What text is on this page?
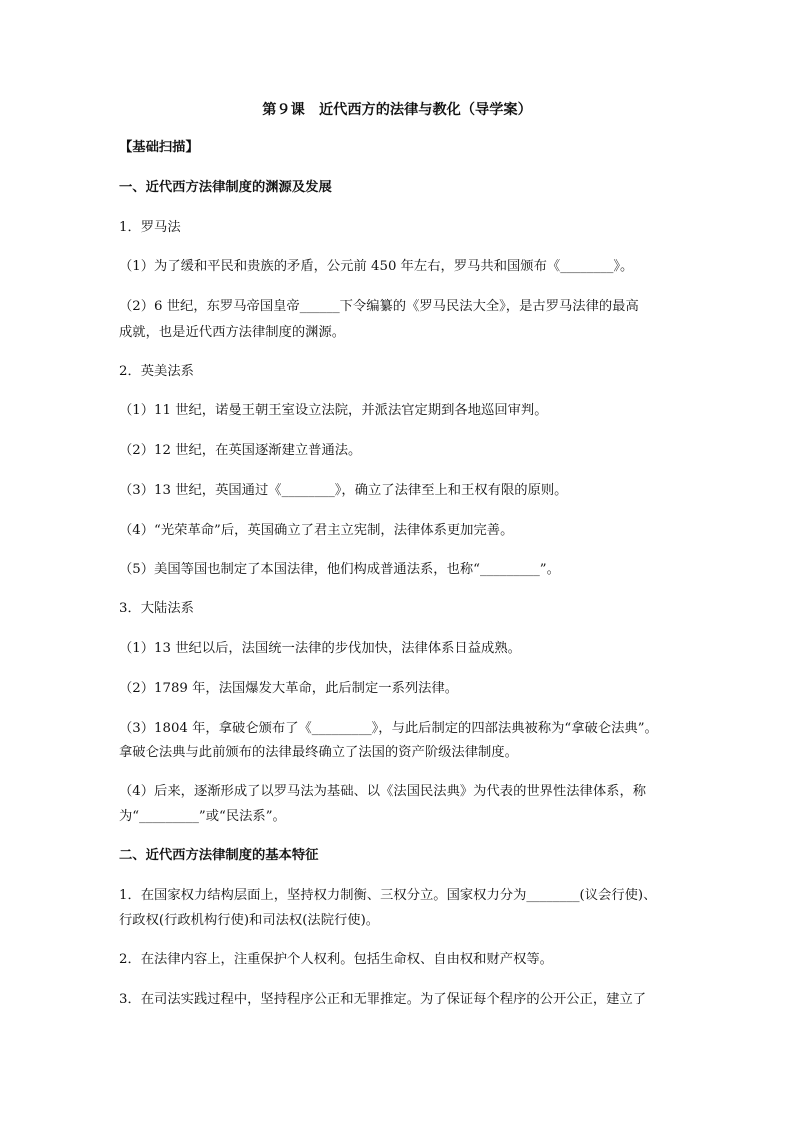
第９课　近代西方的法律与教化（导学案）
【基础扫描】
一、近代西方法律制度的渊源及发展
1．罗马法
（1）为了缓和平民和贵族的矛盾，公元前 450 年左右，罗马共和国颁布《________》。
（2）6 世纪，东罗马帝国皇帝______下令编纂的《罗马民法大全》，是古罗马法律的最高
成就，也是近代西方法律制度的渊源。
2．英美法系
（1）11 世纪，诺曼王朝王室设立法院，并派法官定期到各地巡回审判。
（2）12 世纪，在英国逐渐建立普通法。
（3）13 世纪，英国通过《________》，确立了法律至上和王权有限的原则。
（4）“光荣革命”后，英国确立了君主立宪制，法律体系更加完善。
（5）美国等国也制定了本国法律，他们构成普通法系，也称“_________”。
3．大陆法系
（1）13 世纪以后，法国统一法律的步伐加快，法律体系日益成熟。
（2）1789 年，法国爆发大革命，此后制定一系列法律。
（3）1804 年，拿破仑颁布了《_________》，与此后制定的四部法典被称为“拿破仑法典”。
拿破仑法典与此前颁布的法律最终确立了法国的资产阶级法律制度。
（4）后来，逐渐形成了以罗马法为基础、以《法国民法典》为代表的世界性法律体系，称
为“_________”或“民法系”。
二、近代西方法律制度的基本特征
1．在国家权力结构层面上，坚持权力制衡、三权分立。国家权力分为________(议会行使)、
行政权(行政机构行使)和司法权(法院行使)。
2．在法律内容上，注重保护个人权利。包括生命权、自由权和财产权等。
3．在司法实践过程中，坚持程序公正和无罪推定。为了保证每个程序的公开公正，建立了
